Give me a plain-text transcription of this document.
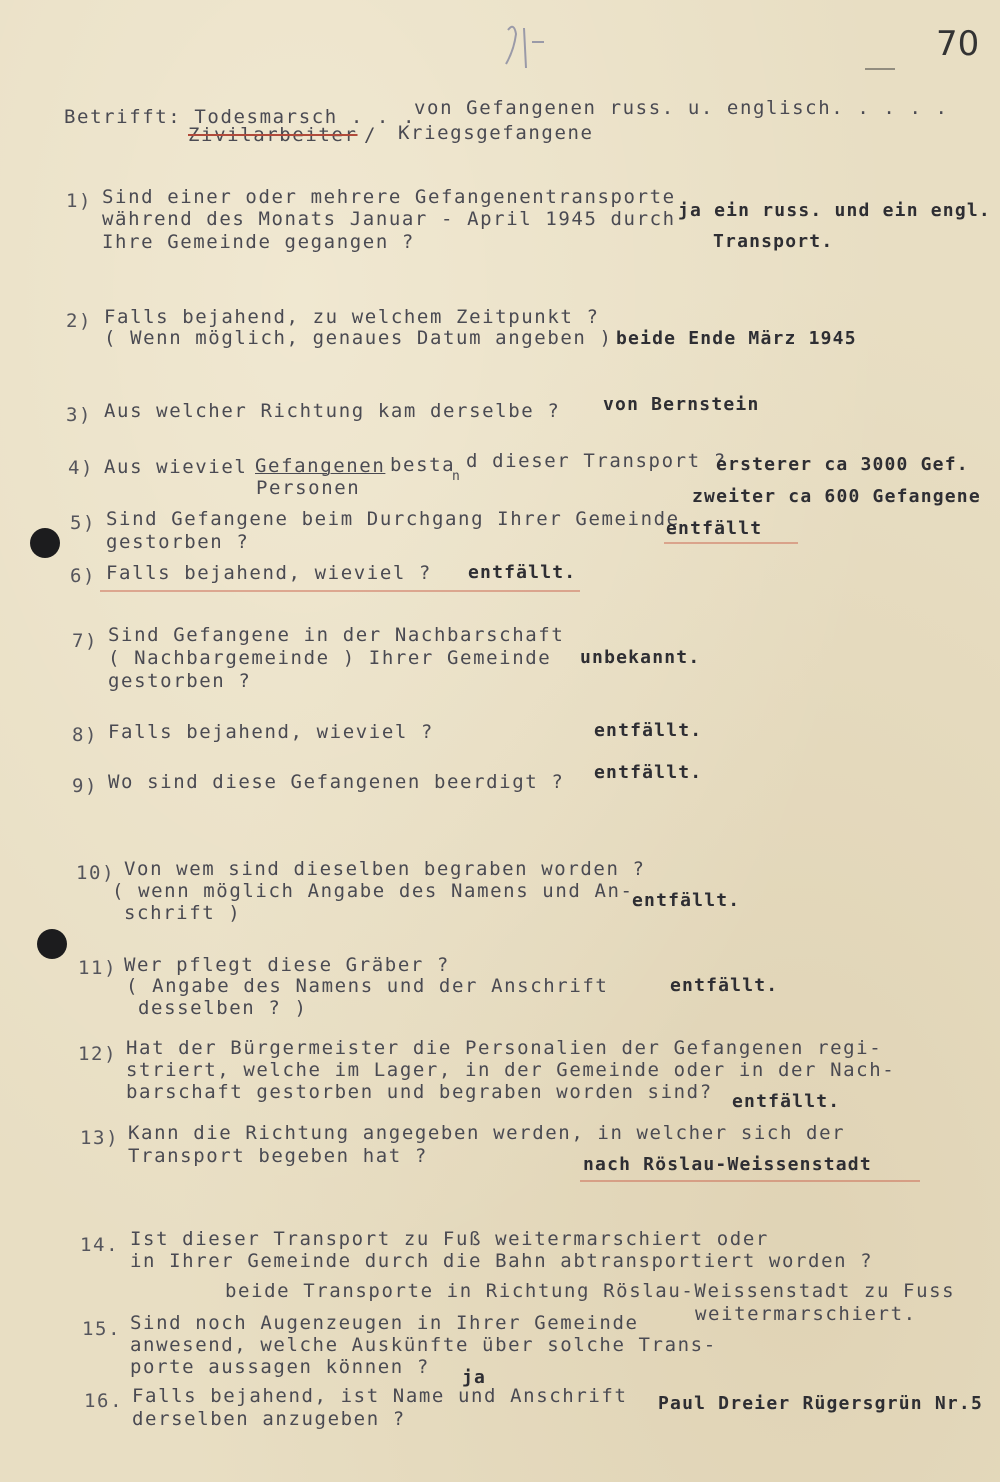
70
Betrifft: Todesmarsch . . .
von Gefangenen russ. u. englisch. . . . .
Zivilarbeiter / Kriegsgefangene
1) Sind einer oder mehrere Gefangenentransporte
während des Monats Januar - April 1945 durch
Ihre Gemeinde gegangen ?
ja ein russ. und ein engl.
Transport.
2) Falls bejahend, zu welchem Zeitpunkt ?
( Wenn möglich, genaues Datum angeben ) beide Ende März 1945
3) Aus welcher Richtung kam derselbe ? von Bernstein
4) Aus wieviel Gefangenen besta
n
d dieser Transport ?
Personen
ersterer ca 3000 Gef.
zweiter ca 600 Gefangene
5) Sind Gefangene beim Durchgang Ihrer Gemeinde
gestorben ?
entfällt
6) Falls bejahend, wieviel ? entfällt.
7) Sind Gefangene in der Nachbarschaft
( Nachbargemeinde ) Ihrer Gemeinde
gestorben ?
unbekannt.
8) Falls bejahend, wieviel ?	entfällt.
9) Wo sind diese Gefangenen beerdigt ? entfällt.
10) Von wem sind dieselben begraben worden ?
( wenn möglich Angabe des Namens und An-
schrift )
entfällt.
11) Wer pflegt diese Gräber ?
( Angabe des Namens und der Anschrift
desselben ? )
entfällt.
12) Hat der Bürgermeister die Personalien der Gefangenen regi-
striert, welche im Lager, in der Gemeinde oder in der Nach-
barschaft gestorben und begraben worden sind? entfällt.
13) Kann die Richtung angegeben werden, in welcher sich der
Transport begeben hat ?	nach Röslau-Weissenstadt
14. Ist dieser Transport zu Fuß weitermarschiert oder
in Ihrer Gemeinde durch die Bahn abtransportiert worden ?
beide Transporte in Richtung Röslau-Weissenstadt zu Fuss
weitermarschiert.
15. Sind noch Augenzeugen in Ihrer Gemeinde
anwesend, welche Auskünfte über solche Trans-
porte aussagen können ? ja
16. Falls bejahend, ist Name und Anschrift
derselben anzugeben ?
Paul Dreier Rügersgrün Nr.5
